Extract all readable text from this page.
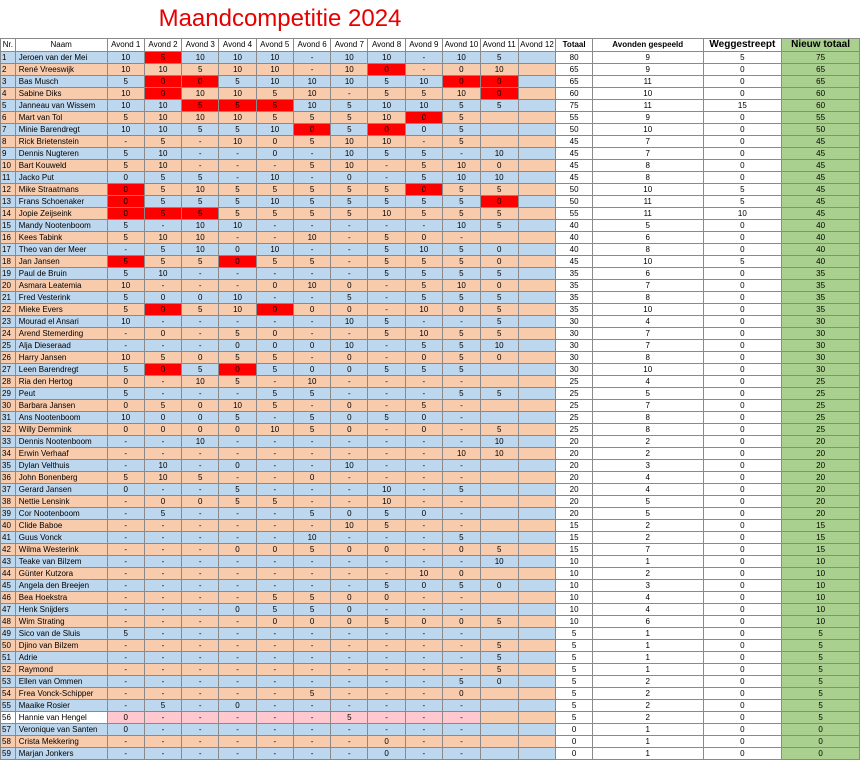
Maandcompetitie 2024
Nr.	Naam	Avond 1	Avond 2	Avond 3	Avond 4	Avond 5	Avond 6	Avond 7	Avond 8	Avond 9	Avond 10	Avond 11	Avond 12	Totaal	Avonden gespeeld	Weggestreept	Nieuw totaal
1	Jeroen van der Mei	10	5	10	10	10	-	10	10	-	10	5		80	9	5	75
2	René Vreeswijk	10	10	5	10	10	-	10	0	-	0	10		65	9	0	65
3	Bas Musch	5	0	0	5	10	10	10	5	10	0	0		65	11	0	65
4	Sabine Diks	10	0	10	10	5	10	-	5	5	10	0		60	10	0	60
5	Janneau van Wissem	10	10	5	5	5	10	5	10	10	5	5		75	11	15	60
6	Mart van Tol	5	10	10	10	5	5	5	10	0	5			55	9	0	55
7	Minie Barendregt	10	10	5	5	10	0	5	0	0	5			50	10	0	50
8	Rick Brietenstein	-	5	-	10	0	5	10	10	-	5			45	7	0	45
9	Dennis Nugteren	5	10	-	-	0	-	10	5	5	-	10		45	7	0	45
10	Bart Kouweld	5	10	-	-	-	5	10	-	5	10	0		45	8	0	45
11	Jacko Put	0	5	5	-	10	-	0	-	5	10	10		45	8	0	45
12	Mike Straatmans	0	5	10	5	5	5	5	5	0	5	5		50	10	5	45
13	Frans Schoenaker	0	5	5	5	10	5	5	5	5	5	0		50	11	5	45
14	Jopie Zeijseink	0	5	5	5	5	5	5	10	5	5	5		55	11	10	45
15	Mandy Nootenboom	5	-	10	10	-	-	-	-	-	10	5		40	5	0	40
16	Kees Tabink	5	10	10	-	-	10	-	5	0	-			40	6	0	40
17	Theo van der Meer	-	5	10	0	10	-	-	5	10	5	0		40	8	0	40
18	Jan Jansen	5	5	5	0	5	5	-	5	5	5	0		45	10	5	40
19	Paul de Bruin	5	10	-	-	-	-	-	5	5	5	5		35	6	0	35
20	Asmara Leatemia	10	-	-	-	0	10	0	-	5	10	0		35	7	0	35
21	Fred Vesterink	5	0	0	10	-	-	5	-	5	5	5		35	8	0	35
22	Mieke Evers	5	0	5	10	0	0	0	-	10	0	5		35	10	0	35
23	Mourad el Ansari	10	-	-	-	-	-	10	5	-	-	5		30	4	0	30
24	Arend Stemerding	-	0	-	5	0	-	-	5	10	5	5		30	7	0	30
25	Alja Dieseraad	-	-	-	0	0	0	10	-	5	5	10		30	7	0	30
26	Harry Jansen	10	5	0	5	5	-	0	-	0	5	0		30	8	0	30
27	Leen Barendregt	5	0	5	0	5	0	0	5	5	5			30	10	0	30
28	Ria den Hertog	0	-	10	5	-	10	-	-	-	-			25	4	0	25
29	Peut	5	-	-	-	5	5	-	-	-	5	5		25	5	0	25
30	Barbara Jansen	0	5	0	10	5	-	0	-	5	-			25	7	0	25
31	Ans Nootenboom	10	0	0	5	-	5	0	5	0	-			25	8	0	25
32	Willy Demmink	0	0	0	0	10	5	0	-	0	-	5		25	8	0	25
33	Dennis Nootenboom	-	-	10	-	-	-	-	-	-	-	10		20	2	0	20
34	Erwin Verhaaf	-	-	-	-	-	-	-	-	-	10	10		20	2	0	20
35	Dylan Velthuis	-	10	-	0	-	-	10	-	-	-			20	3	0	20
36	John Bonenberg	5	10	5	-	-	0	-	-	-	-			20	4	0	20
37	Gerard Jansen	0	-	-	5	-	-	-	10	-	5			20	4	0	20
38	Nettie Lensink	-	0	0	5	5	-	-	10	-	-			20	5	0	20
39	Cor Nootenboom	-	5	-	-	-	5	0	5	0	-			20	5	0	20
40	Clide Baboe	-	-	-	-	-	-	10	5	-	-			15	2	0	15
41	Guus Vonck	-	-	-	-	-	10	-	-	-	5			15	2	0	15
42	Wilma Westerink	-	-	-	0	0	5	0	0	-	0	5		15	7	0	15
43	Teake van Bilzem	-	-	-	-	-	-	-	-	-	-	10		10	1	0	10
44	Günter Kutzora	-	-	-	-	-	-	-	-	10	0			10	2	0	10
45	Angela den Breejen	-	-	-	-	-	-	-	5	0	5	0		10	3	0	10
46	Bea Hoekstra	-	-	-	-	5	5	0	0	-	-			10	4	0	10
47	Henk Snijders	-	-	-	0	5	5	0	-	-	-			10	4	0	10
48	Wim Strating	-	-	-	-	0	0	0	5	0	0	5		10	6	0	10
49	Sico van de Sluis	5	-	-	-	-	-	-	-	-	-			5	1	0	5
50	Djino van Bilzem	-	-	-	-	-	-	-	-	-	-	5		5	1	0	5
51	Adrie	-	-	-	-	-	-	-	-	-	-	5		5	1	0	5
52	Raymond	-	-	-	-	-	-	-	-	-	-	5		5	1	0	5
53	Ellen van Ommen	-	-	-	-	-	-	-	-	-	5	0		5	2	0	5
54	Frea Vonck-Schipper	-	-	-	-	-	5	-	-	-	0			5	2	0	5
55	Maaike Rosier	-	5	-	0	-	-	-	-	-	-			5	2	0	5
56	Hannie van Hengel	0	-	-	-	-	-	5	-	-	-			5	2	0	5
57	Veronique van Santen	0	-	-	-	-	-	-	-	-	-			0	1	0	0
58	Crista Mekkering	-	-	-	-	-	-	-	0	-	-			0	1	0	0
59	Marjan Jonkers	-	-	-	-	-	-	-	0	-	-			0	1	0	0
